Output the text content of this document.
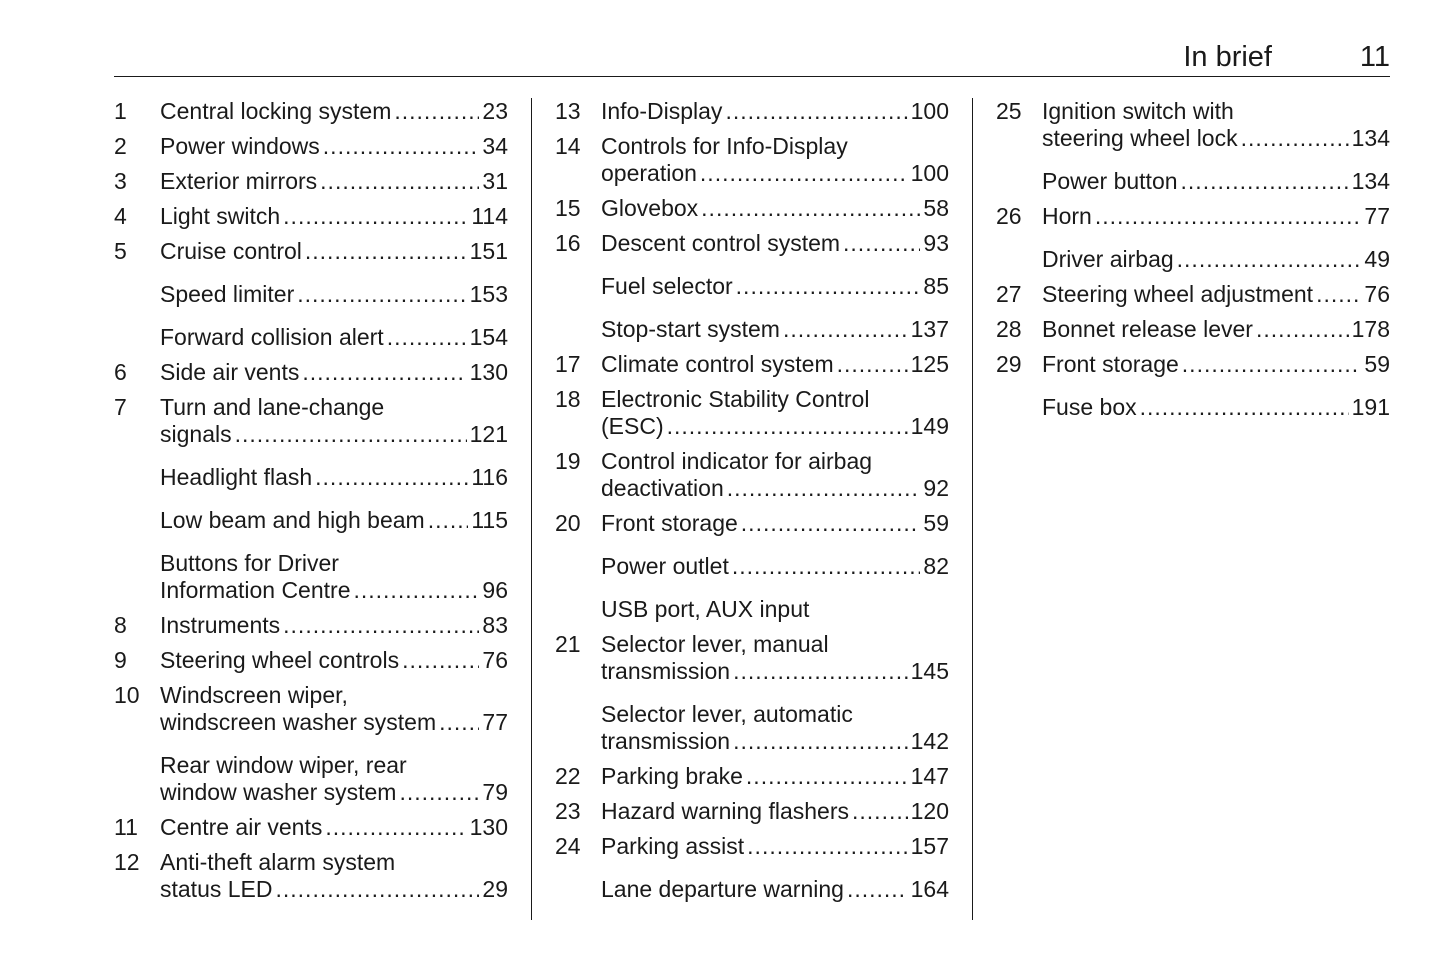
In brief	11
1 Central locking system .....	23
2 Power windows .....	34
3 Exterior mirrors .....	31
4 Light switch .....	114
5 Cruise control .....	151
Speed limiter .....	153
Forward collision alert .....	154
6 Side air vents .....	130
7 Turn and lane-change
signals .....	121
Headlight flash .....	116
Low beam and high beam ..... 115
Buttons for Driver
Information Centre .....	96
8 Instruments .....	83
9 Steering wheel controls .....	76
10 Windscreen wiper,
windscreen washer system ..... 77
Rear window wiper, rear
window washer system .....	79
11 Centre air vents .....	130
12 Anti-theft alarm system
status LED .....	29
13 Info-Display .....	100
14 Controls for Info-Display
operation .....	100
15 Glovebox .....	58
16 Descent control system .....	93
Fuel selector .....	85
Stop-start system .....	137
17 Climate control system .....	125
18 Electronic Stability Control
(ESC) .....	149
19 Control indicator for airbag
deactivation .....	92
20 Front storage .....	59
Power outlet .....	82
USB port, AUX input
21 Selector lever, manual
transmission .....	145
Selector lever, automatic
transmission .....	142
22 Parking brake .....	147
23 Hazard warning flashers .....	120
24 Parking assist .....	157
Lane departure warning .....	164
25 Ignition switch with
steering wheel lock .....	134
Power button .....	134
26 Horn .....	77
Driver airbag .....	49
27 Steering wheel adjustment ..... 76
28 Bonnet release lever .....	178
29 Front storage .....	59
Fuse box .....	191
